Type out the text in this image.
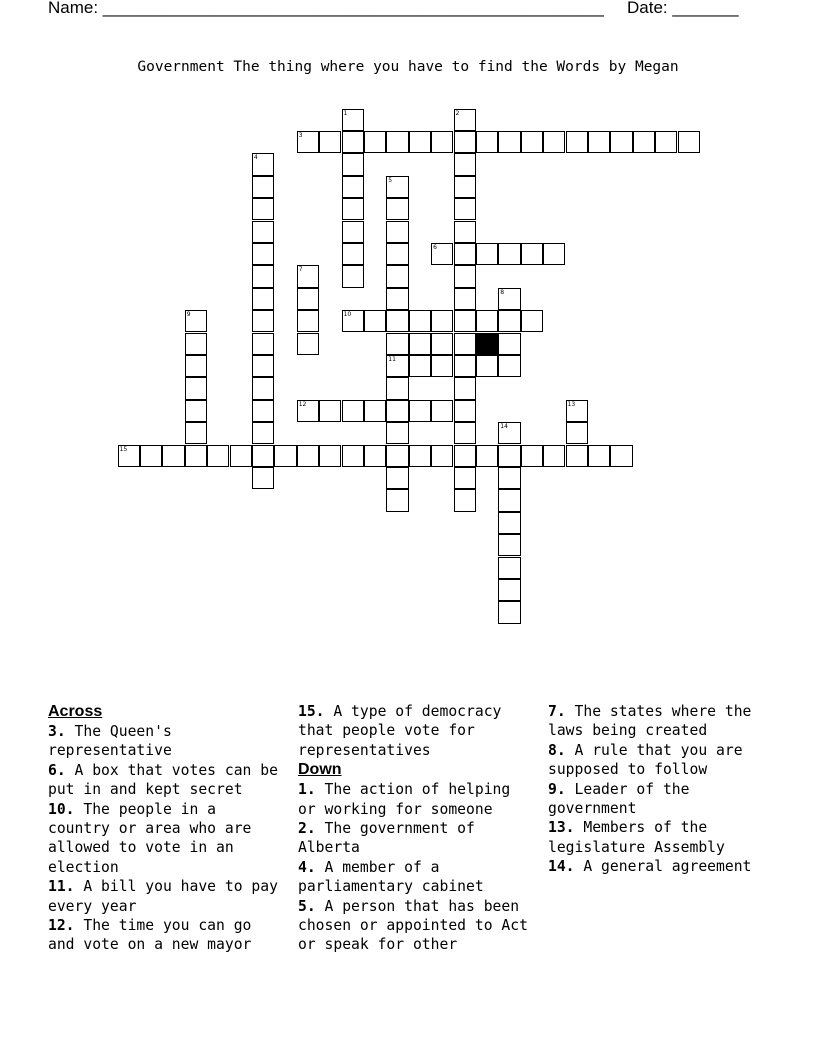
Name: _____________________________________________________ Date: _______
Government The thing where you have to find the Words by Megan
3
1	2
4
5
11
6
7
8
9	10
12	13
14
15

Across

3. The Queen's representative

6. A box that votes can be put in and kept secret

10. The people in a country or area who are allowed to vote in an election

11. A bill you have to pay every year

12. The time you can go and vote on a new mayor

15. A type of democracy that people vote for representatives

Down

1. The action of helping or working for someone

2. The government of Alberta

4. A member of a parliamentary cabinet

5. A person that has been chosen or appointed to Act or speak for other

7. The states where the laws being created

8. A rule that you are supposed to follow

9. Leader of the government

13. Members of the legislature Assembly

14. A general agreement
